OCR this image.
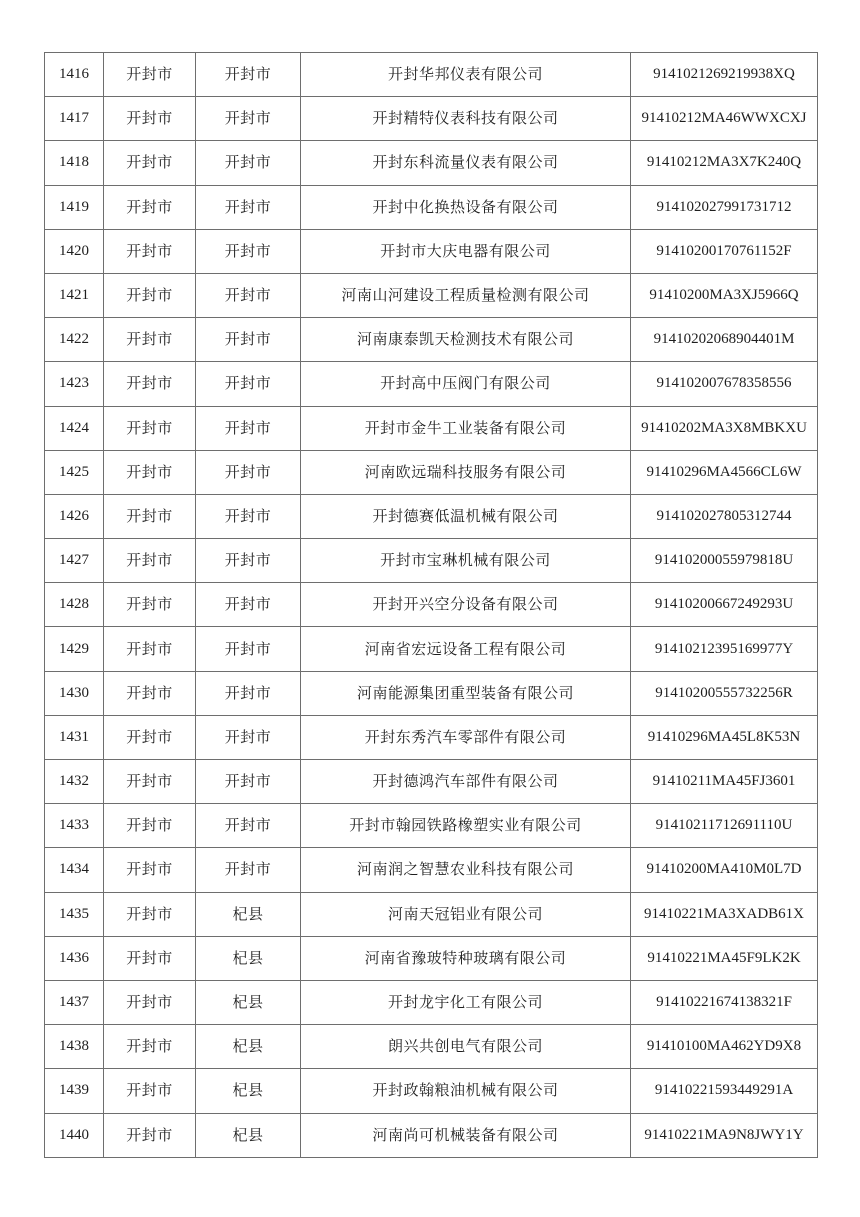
1416	开封市	开封市	开封华邦仪表有限公司	9141021269219938XQ
1417	开封市	开封市	开封精特仪表科技有限公司	91410212MA46WWXCXJ
1418	开封市	开封市	开封东科流量仪表有限公司	91410212MA3X7K240Q
1419	开封市	开封市	开封中化换热设备有限公司	914102027991731712
1420	开封市	开封市	开封市大庆电器有限公司	91410200170761152F
1421	开封市	开封市	河南山河建设工程质量检测有限公司	91410200MA3XJ5966Q
1422	开封市	开封市	河南康泰凯天检测技术有限公司	91410202068904401M
1423	开封市	开封市	开封高中压阀门有限公司	914102007678358556
1424	开封市	开封市	开封市金牛工业装备有限公司	91410202MA3X8MBKXU
1425	开封市	开封市	河南欧远瑞科技服务有限公司	91410296MA4566CL6W
1426	开封市	开封市	开封德赛低温机械有限公司	914102027805312744
1427	开封市	开封市	开封市宝琳机械有限公司	91410200055979818U
1428	开封市	开封市	开封开兴空分设备有限公司	91410200667249293U
1429	开封市	开封市	河南省宏远设备工程有限公司	91410212395169977Y
1430	开封市	开封市	河南能源集团重型装备有限公司	91410200555732256R
1431	开封市	开封市	开封东秀汽车零部件有限公司	91410296MA45L8K53N
1432	开封市	开封市	开封德鸿汽车部件有限公司	91410211MA45FJ3601
1433	开封市	开封市	开封市翰园铁路橡塑实业有限公司	91410211712691110U
1434	开封市	开封市	河南润之智慧农业科技有限公司	91410200MA410M0L7D
1435	开封市	杞县	河南天冠铝业有限公司	91410221MA3XADB61X
1436	开封市	杞县	河南省豫玻特种玻璃有限公司	91410221MA45F9LK2K
1437	开封市	杞县	开封龙宇化工有限公司	91410221674138321F
1438	开封市	杞县	朗兴共创电气有限公司	91410100MA462YD9X8
1439	开封市	杞县	开封政翰粮油机械有限公司	91410221593449291A
1440	开封市	杞县	河南尚可机械装备有限公司	91410221MA9N8JWY1Y
